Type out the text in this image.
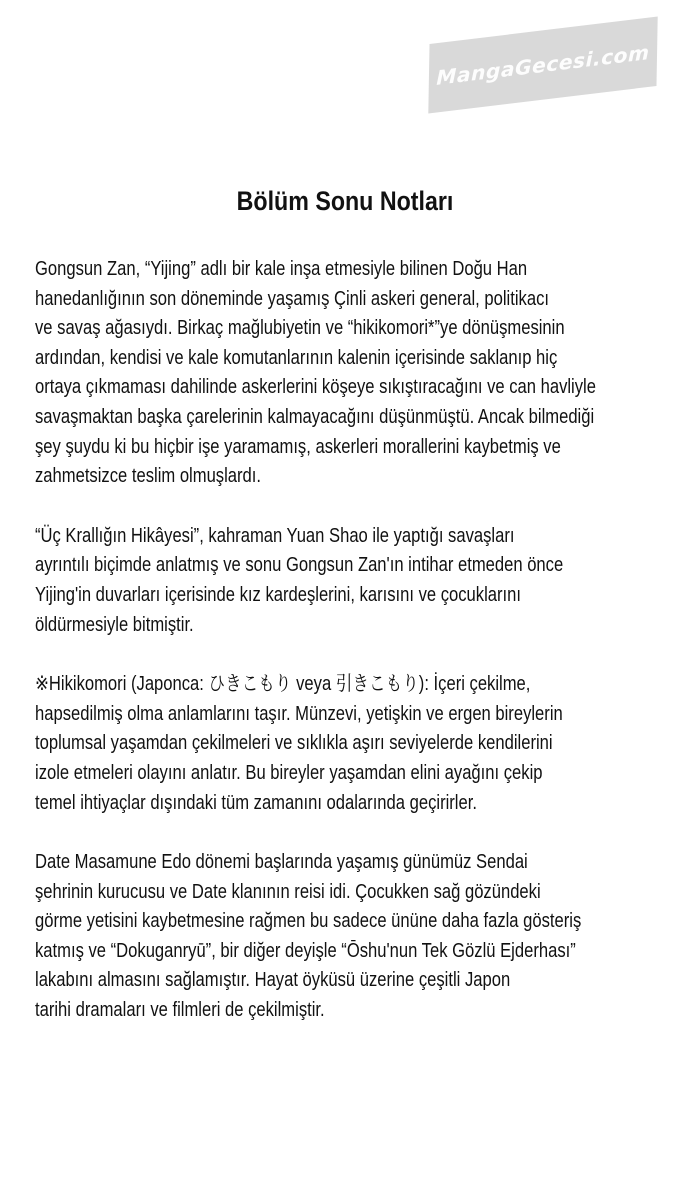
MangaGecesi.com
Bölüm Sonu Notları
Gongsun Zan, “Yijing” adlı bir kale inşa etmesiyle bilinen Doğu Han
hanedanlığının son döneminde yaşamış Çinli askeri general, politikacı
ve savaş ağasıydı. Birkaç mağlubiyetin ve “hikikomori*”ye dönüşmesinin
ardından, kendisi ve kale komutanlarının kalenin içerisinde saklanıp hiç
ortaya çıkmaması dahilinde askerlerini köşeye sıkıştıracağını ve can havliyle
savaşmaktan başka çarelerinin kalmayacağını düşünmüştü. Ancak bilmediği
şey şuydu ki bu hiçbir işe yaramamış, askerleri morallerini kaybetmiş ve
zahmetsizce teslim olmuşlardı.
“Üç Krallığın Hikâyesi”, kahraman Yuan Shao ile yaptığı savaşları
ayrıntılı biçimde anlatmış ve sonu Gongsun Zan'ın intihar etmeden önce
Yijing'in duvarları içerisinde kız kardeşlerini, karısını ve çocuklarını
öldürmesiyle bitmiştir.
※Hikikomori (Japonca: ひきこもり veya 引きこもり): İçeri çekilme,
hapsedilmiş olma anlamlarını taşır. Münzevi, yetişkin ve ergen bireylerin
toplumsal yaşamdan çekilmeleri ve sıklıkla aşırı seviyelerde kendilerini
izole etmeleri olayını anlatır. Bu bireyler yaşamdan elini ayağını çekip
temel ihtiyaçlar dışındaki tüm zamanını odalarında geçirirler.
Date Masamune Edo dönemi başlarında yaşamış günümüz Sendai
şehrinin kurucusu ve Date klanının reisi idi. Çocukken sağ gözündeki
görme yetisini kaybetmesine rağmen bu sadece ününe daha fazla gösteriş
katmış ve “Dokuganryū”, bir diğer deyişle “Ōshu'nun Tek Gözlü Ejderhası”
lakabını almasını sağlamıştır. Hayat öyküsü üzerine çeşitli Japon
tarihi dramaları ve filmleri de çekilmiştir.
